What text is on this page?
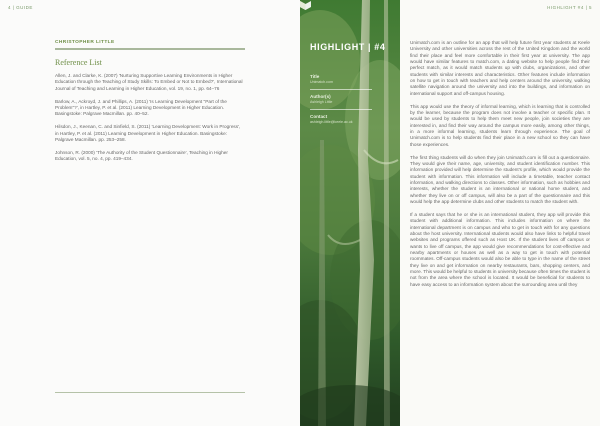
4 | GUIDE
CHRISTOPHER LITTLE
Reference List

Allen, J. and Clarke, K. (2007) 'Nurturing Supportive Learning Environments in Higher Education through the Teaching of Study Skills: To Embed or Not to Embed?', International Journal of Teaching and Learning in Higher Education, vol. 19, no. 1, pp. 64–76

Barlow, A., Ackroyd, J. and Phillips, A. (2011) 'Is Learning Development "Part of the Problem"?', in Hartley, P. et al. (2011) Learning Development in Higher Education. Basingstoke: Palgrave Macmillan. pp. 40–52.

Hilsdon, J., Keenan, C. and Sinfield, S. (2011) 'Learning Development: Work in Progress', in Hartley, P. et al. (2011) Learning Development in Higher Education. Basingstoke: Palgrave Macmillan. pp. 253–258.

Johnson, R. (2000) 'The Authority of the Student Questionnaire', Teaching in Higher Education, vol. 5, no. 4, pp. 419–434.

HIGHLIGHT | #4
Title
Unimatch.com
Author(s)
Ashleigh Little
Contact
ashleigh.little@keele.ac.uk
HIGHLIGHT #4 | 5

Unimatch.com is an outline for an app that will help future first year students at Keele University and other universities across the rest of the United Kingdom and the world find their place and feel more comfortable in their first year at university. The app would have similar features to match.com, a dating website to help people find their perfect match, as it would match students up with clubs, organizations, and other students with similar interests and characteristics. Other features include information on how to get in touch with teachers and help centers around the university, walking satellite navigation around the university and into the buildings, and information on international support and off-campus housing.

This app would use the theory of informal learning, which is learning that is controlled by the learner, because the program does not involve a teacher or specific plan. It would be used by students to help them meet new people, join societies they are interested in, and find their way around the campus more easily, among other things, in a more informal learning, students learn through experience. The goal of Unimatch.com is to help students find their place in a new school so they can have those experiences.

The first thing students will do when they join Unimatch.com is fill out a questionnaire. They would give their name, age, university, and student identification number. This information provided will help determine the student's profile, which would provide the student with information. This information will include a timetable, teacher contact information, and walking directions to classes. Other information, such as hobbies and interests, whether the student is an international or national home student, and whether they live on or off campus, will also be a part of the questionnaire and this would help the app determine clubs and other students to match the student with.

If a student says that he or she is an international student, they app will provide this student with additional information. This includes information on where the international department is on campus and who to get in touch with for any questions about the host university. International students would also have links to helpful travel websites and programs offered such as Host UK. If the student lives off campus or wants to live off campus, the app would give recommendations for cost-effective and nearby apartments or houses as well as a way to get in touch with potential roommates. Off-campus students would also be able to type in the name of the street they live on and get information on nearby restaurants, bars, shopping centers, and more. This would be helpful to students in university because often times the student is not from the area where the school is located. It would be beneficial for students to have easy access to an information system about the surrounding area until they
